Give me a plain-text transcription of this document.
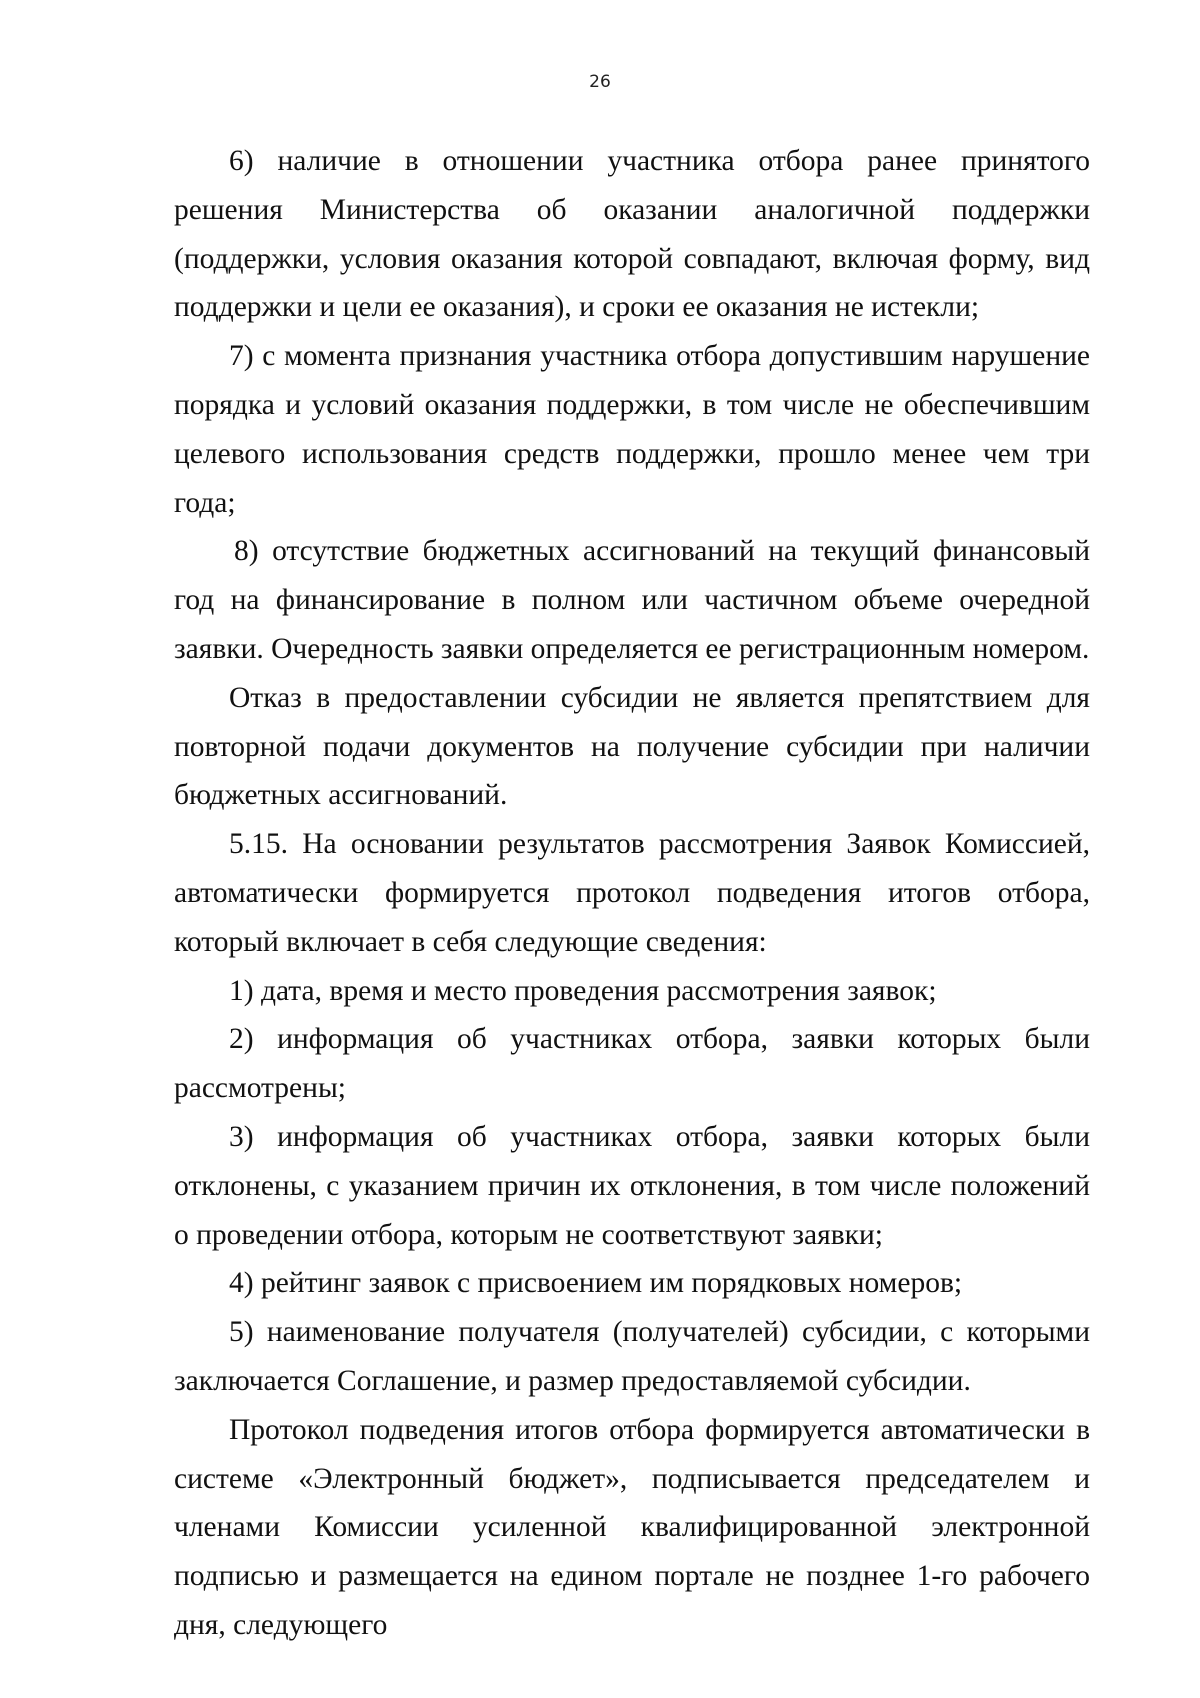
26

6) наличие в отношении участника отбора ранее принятого решения Министерства об оказании аналогичной поддержки (поддержки, условия оказания которой совпадают, включая форму, вид поддержки и цели ее оказания), и сроки ее оказания не истекли;

7) с момента признания участника отбора допустившим нарушение порядка и условий оказания поддержки, в том числе не обеспечившим целевого использования средств поддержки, прошло менее чем три года;

8) отсутствие бюджетных ассигнований на текущий финансовый год на финансирование в полном или частичном объеме очередной заявки. Очередность заявки определяется ее регистрационным номером.

Отказ в предоставлении субсидии не является препятствием для повторной подачи документов на получение субсидии при наличии бюджетных ассигнований.

5.15. На основании результатов рассмотрения Заявок Комиссией, автоматически формируется протокол подведения итогов отбора, который включает в себя следующие сведения:

1) дата, время и место проведения рассмотрения заявок;

2) информация об участниках отбора, заявки которых были рассмотрены;

3) информация об участниках отбора, заявки которых были отклонены, с указанием причин их отклонения, в том числе положений о проведении отбора, которым не соответствуют заявки;

4) рейтинг заявок с присвоением им порядковых номеров;

5) наименование получателя (получателей) субсидии, с которыми заключается Соглашение, и размер предоставляемой субсидии.

Протокол подведения итогов отбора формируется автоматически в системе «Электронный бюджет», подписывается председателем и членами Комиссии усиленной квалифицированной электронной подписью и размещается на едином портале не позднее 1-го рабочего дня, следующего
